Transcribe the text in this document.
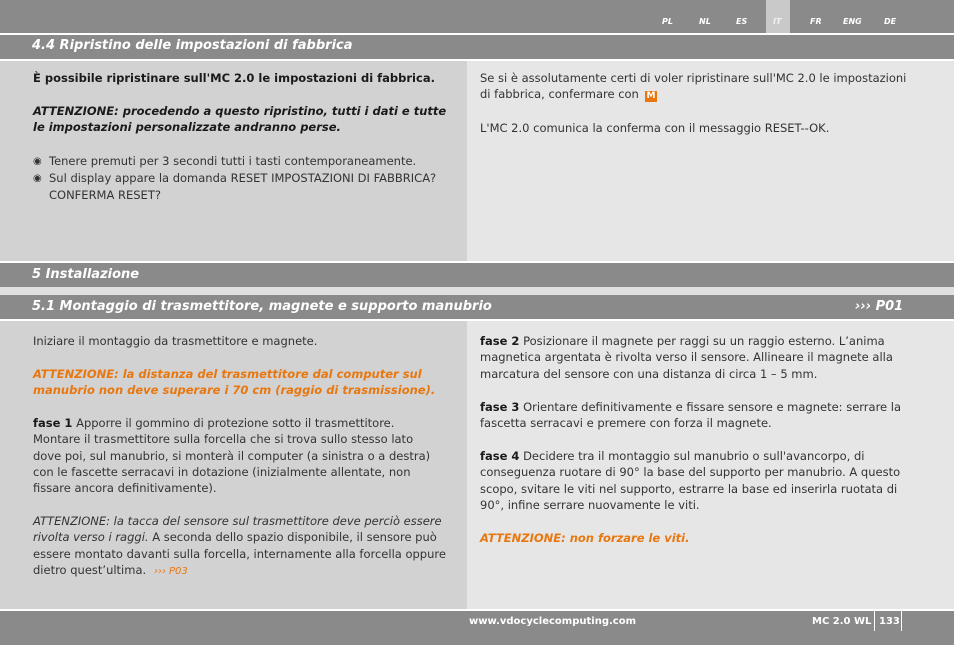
PL	NL	ES	IT	FR	ENG	DE
4.4 Ripristino delle impostazioni di fabbrica
È possibile ripristinare sull'MC 2.0 le impostazioni di fabbrica.
ATTENZIONE: procedendo a questo ripristino, tutti i dati e tutte le impostazioni personalizzate andranno perse.
◉ Tenere premuti per 3 secondi tutti i tasti contemporaneamente.
◉ Sul display appare la domanda RESET IMPOSTAZIONI DI FABBRICA? CONFERMA RESET?
Se si è assolutamente certi di voler ripristinare sull'MC 2.0 le impostazioni di fabbrica, confermare con M
L'MC 2.0 comunica la conferma con il messaggio RESET--OK.
5 Installazione
5.1 Montaggio di trasmettitore, magnete e supporto manubrio	››› P01
Iniziare il montaggio da trasmettitore e magnete.
ATTENZIONE: la distanza del trasmettitore dal computer sul manubrio non deve superare i 70 cm (raggio di trasmissione).
fase 1 Apporre il gommino di protezione sotto il trasmettitore. Montare il trasmettitore sulla forcella che si trova sullo stesso lato dove poi, sul manubrio, si monterà il computer (a sinistra o a destra) con le fascette serracavi in dotazione (inizialmente allentate, non fissare ancora definitivamente).
ATTENZIONE: la tacca del sensore sul trasmettitore deve perciò essere rivolta verso i raggi. A seconda dello spazio disponibile, il sensore può essere montato davanti sulla forcella, internamente alla forcella oppure dietro quest’ultima. ››› P03
fase 2 Posizionare il magnete per raggi su un raggio esterno. L’anima magnetica argentata è rivolta verso il sensore. Allineare il magnete alla marcatura del sensore con una distanza di circa 1 – 5 mm.
fase 3 Orientare definitivamente e fissare sensore e magnete: serrare la fascetta serracavi e premere con forza il magnete.
fase 4 Decidere tra il montaggio sul manubrio o sull'avancorpo, di conseguenza ruotare di 90° la base del supporto per manubrio. A questo scopo, svitare le viti nel supporto, estrarre la base ed inserirla ruotata di 90°, infine serrare nuovamente le viti.
ATTENZIONE: non forzare le viti.
www.vdocyclecomputing.com	MC 2.0 WL 133
